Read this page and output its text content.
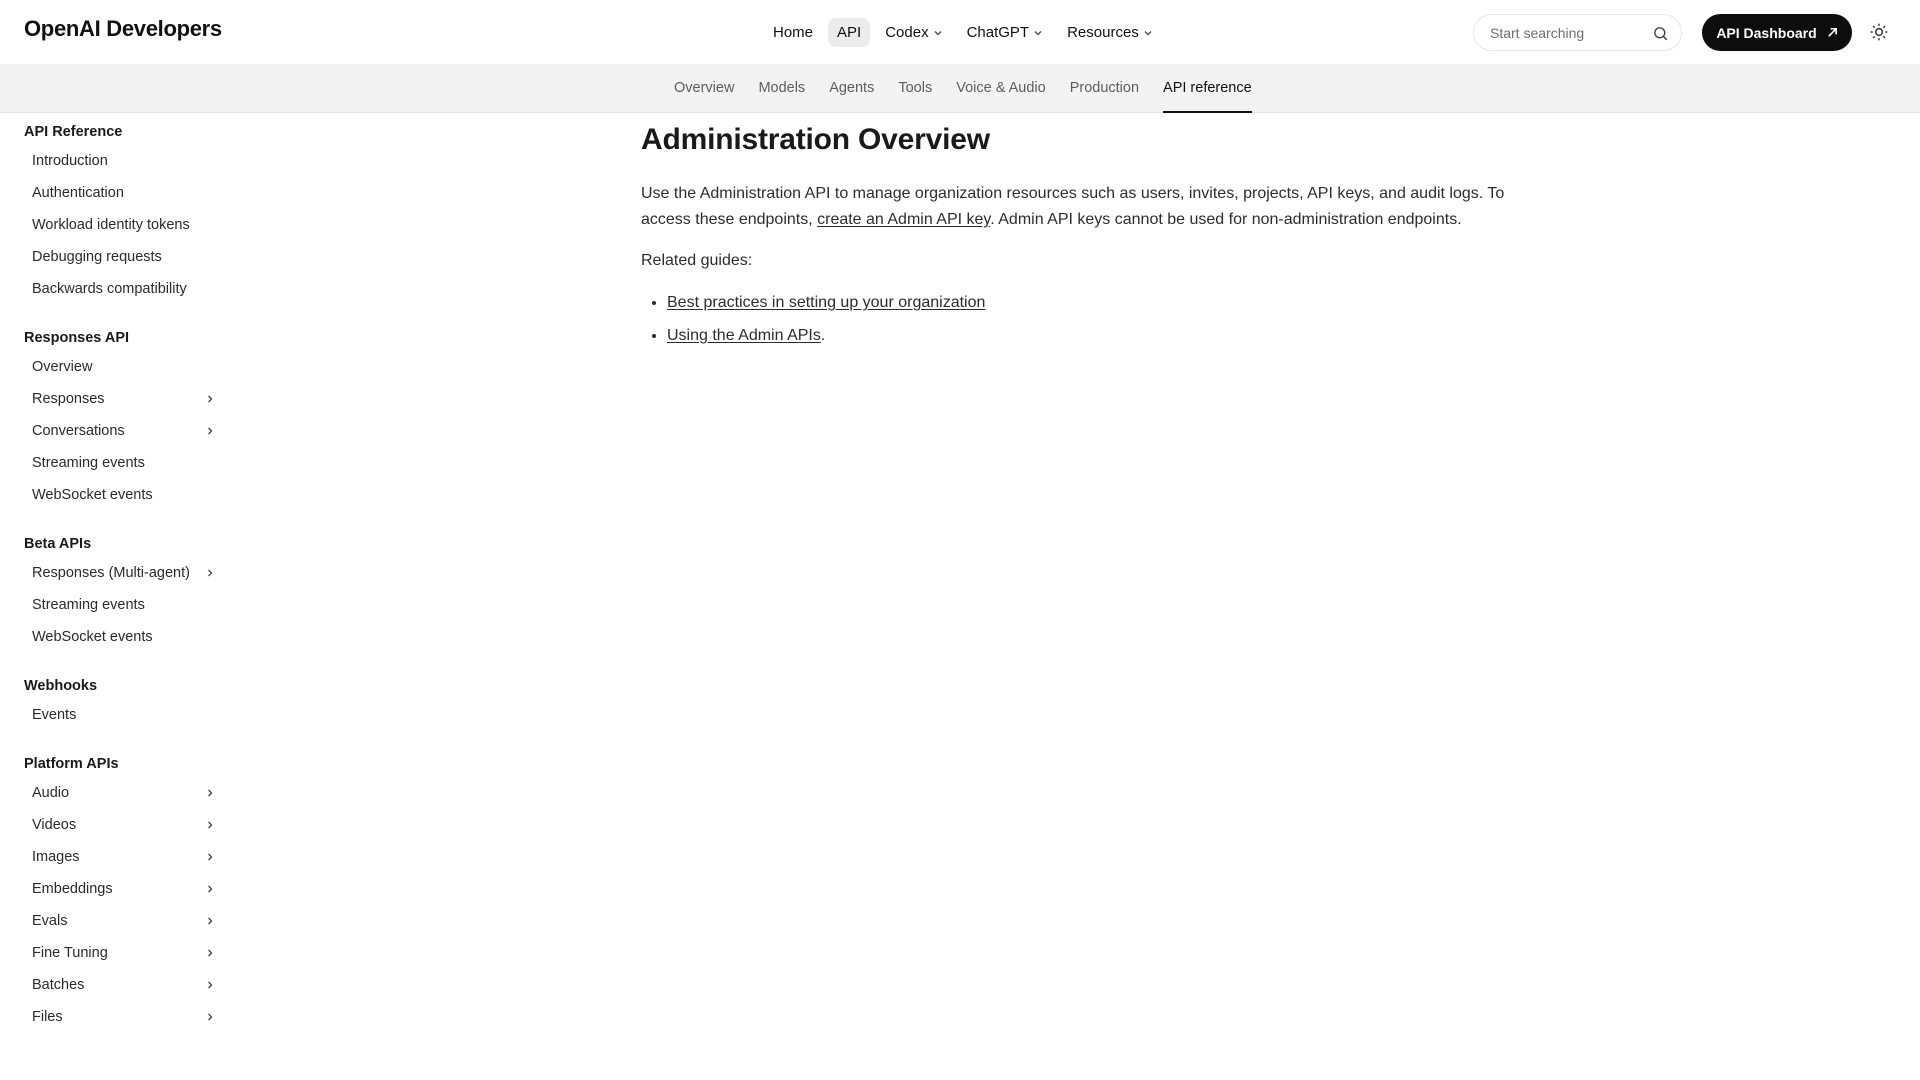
OpenAI Developers	Home API Codex	ChatGPT	Resources	Start searching	API Dashboard
Overview Models Agents Tools Voice & Audio Production API reference
API Reference
Introduction
Authentication
Workload identity tokens
Debugging requests
Backwards compatibility
Responses API
Overview
Responses
Conversations
Streaming events
WebSocket events
Beta APIs
Responses (Multi-agent)
Streaming events
WebSocket events
Webhooks
Events
Platform APIs
Audio
Videos
Images
Embeddings
Evals
Fine Tuning
Batches
Files
Administration Overview

Use the Administration API to manage organization resources such as users, invites, projects, API keys, and audit logs. To access these endpoints, create an Admin API key. Admin API keys cannot be used for non-administration endpoints.

Related guides:

• Best practices in setting up your organization
• Using the Admin APIs.
